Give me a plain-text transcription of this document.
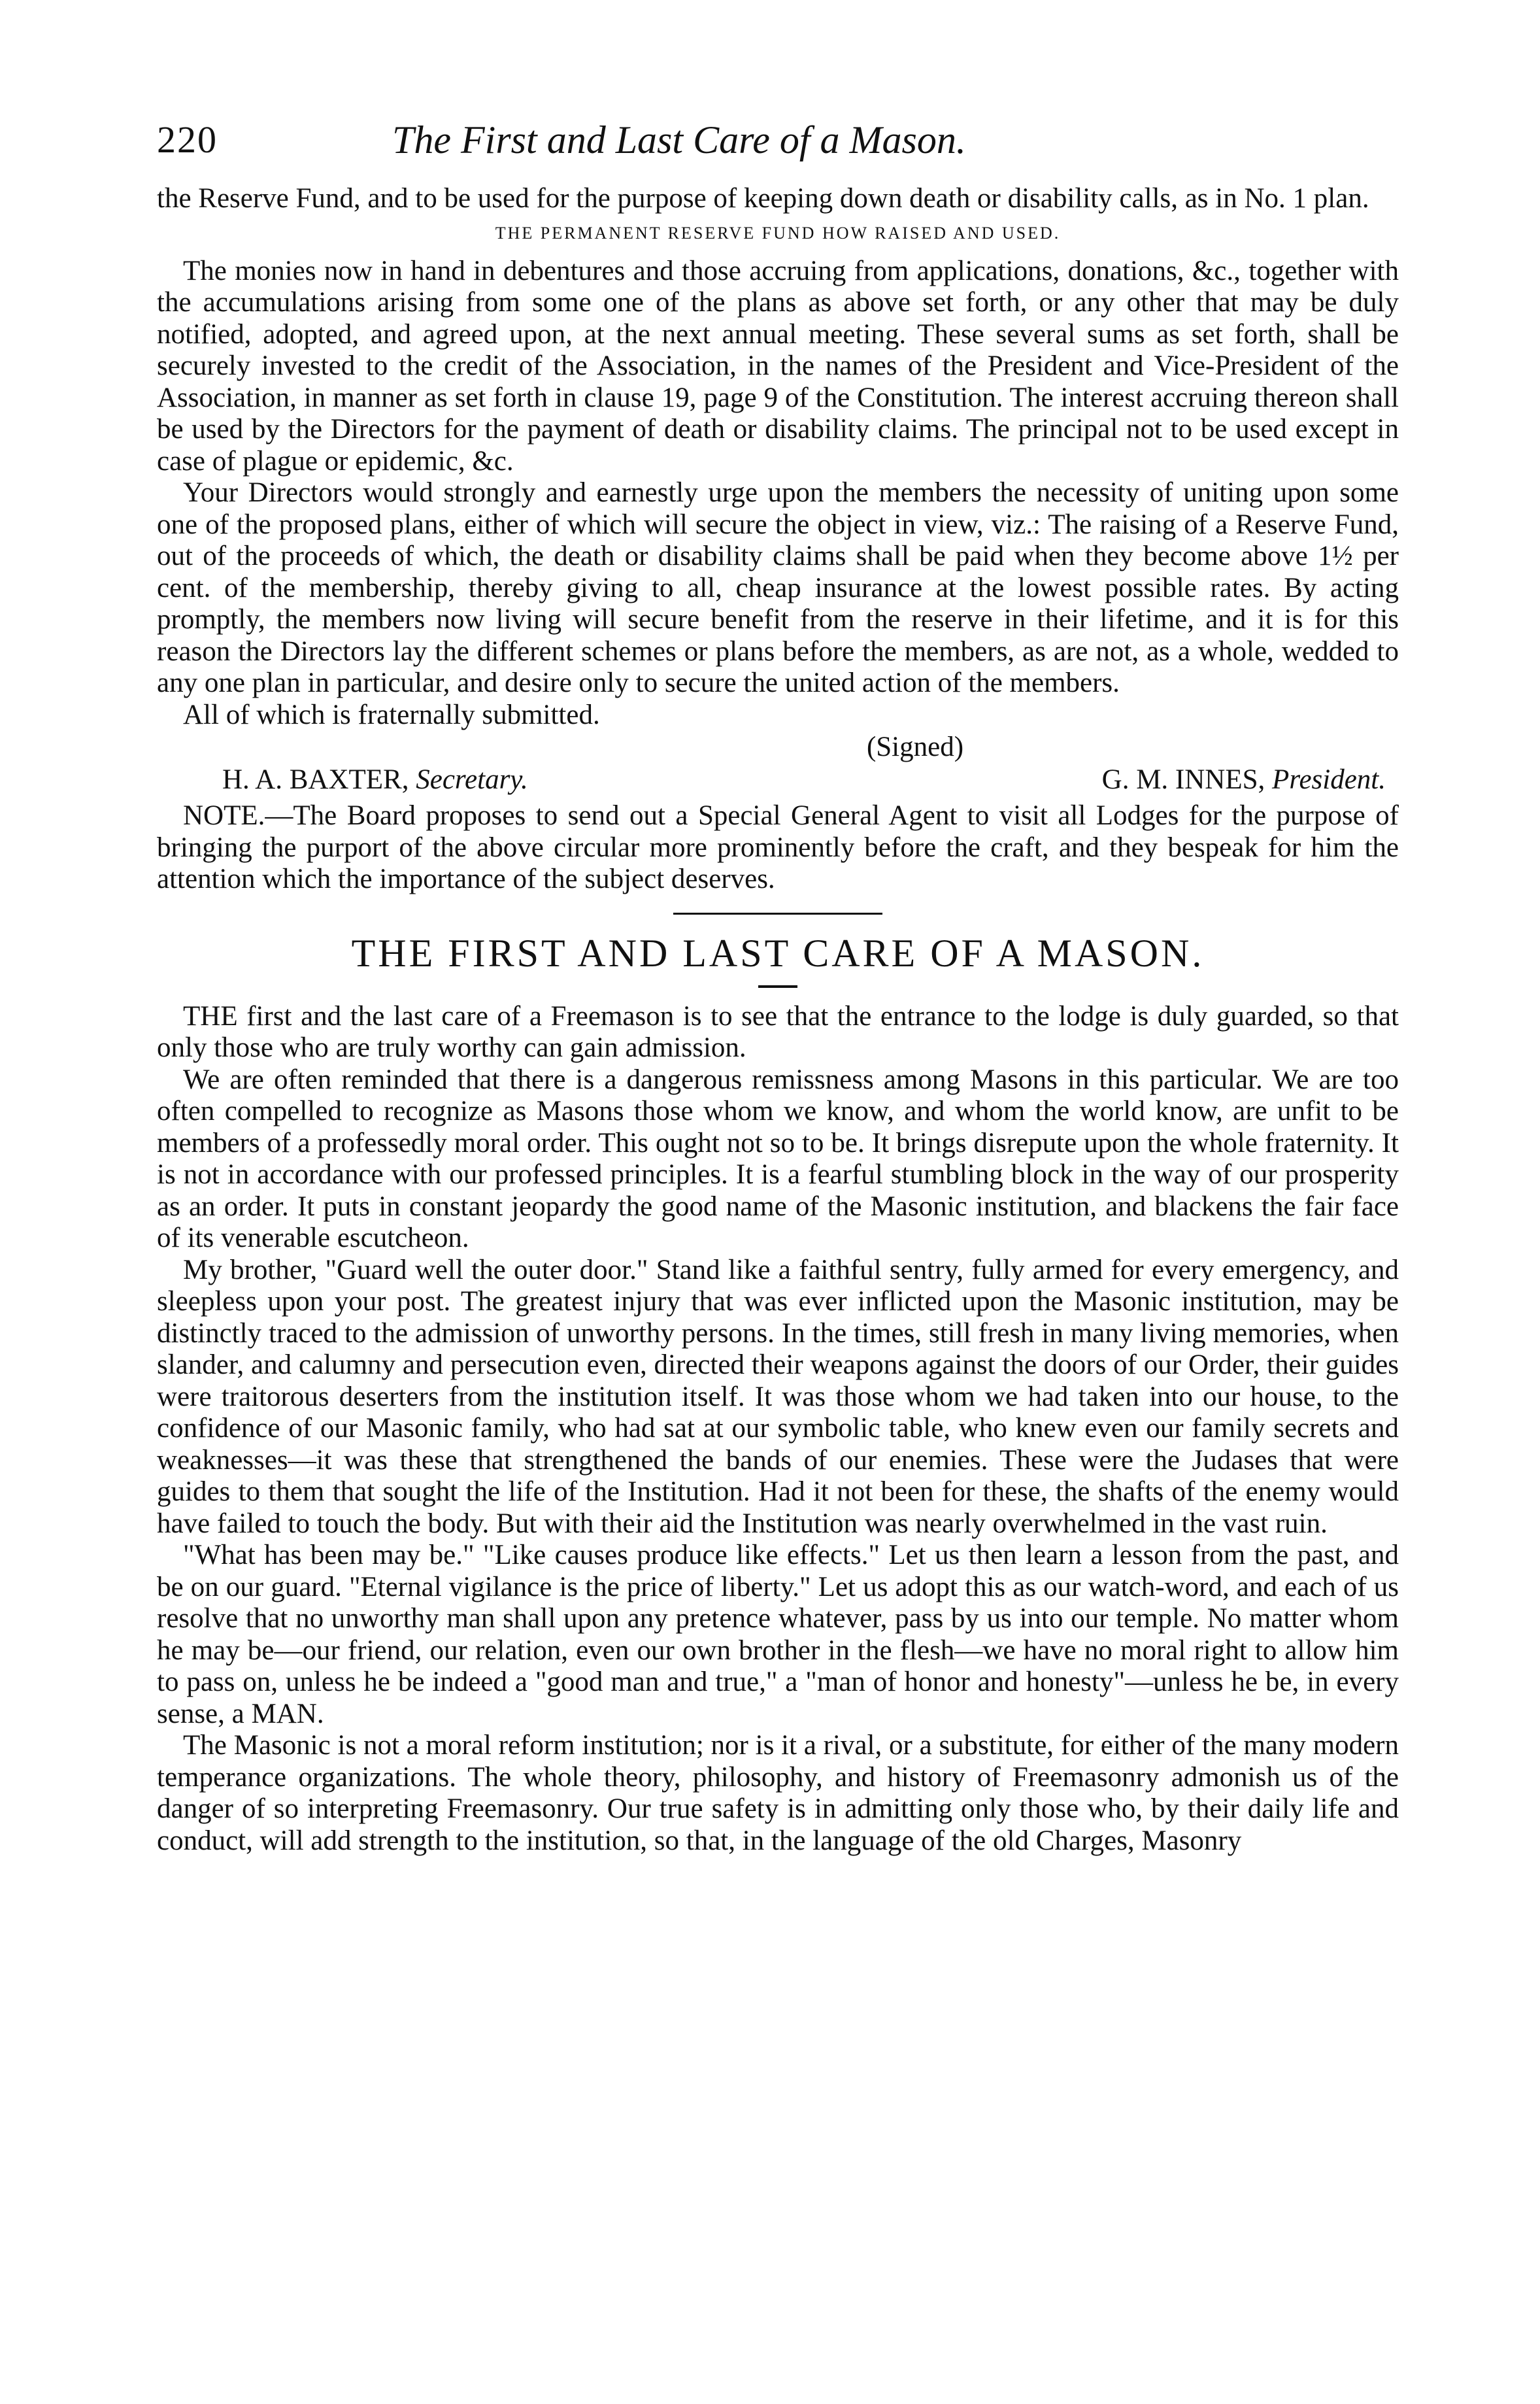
220	The First and Last Care of a Mason.

the Reserve Fund, and to be used for the purpose of keeping down death or disability calls, as in No. 1 plan.

THE PERMANENT RESERVE FUND HOW RAISED AND USED.

The monies now in hand in debentures and those accruing from applications, donations, &c., together with the accumulations arising from some one of the plans as above set forth, or any other that may be duly notified, adopted, and agreed upon, at the next annual meeting. These several sums as set forth, shall be securely invested to the credit of the Association, in the names of the President and Vice-President of the Association, in manner as set forth in clause 19, page 9 of the Constitution. The interest accruing thereon shall be used by the Directors for the payment of death or disability claims. The principal not to be used except in case of plague or epidemic, &c.

Your Directors would strongly and earnestly urge upon the members the necessity of uniting upon some one of the proposed plans, either of which will secure the object in view, viz.: The raising of a Reserve Fund, out of the proceeds of which, the death or disability claims shall be paid when they become above 1½ per cent. of the membership, thereby giving to all, cheap insurance at the lowest possible rates. By acting promptly, the members now living will secure benefit from the reserve in their lifetime, and it is for this reason the Directors lay the different schemes or plans before the members, as are not, as a whole, wedded to any one plan in particular, and desire only to secure the united action of the members.

All of which is fraternally submitted.

(Signed)
H. A. BAXTER, Secretary.	G. M. INNES, President.

NOTE.—The Board proposes to send out a Special General Agent to visit all Lodges for the purpose of bringing the purport of the above circular more prominently before the craft, and they bespeak for him the attention which the importance of the subject deserves.

THE FIRST AND LAST CARE OF A MASON.

THE first and the last care of a Freemason is to see that the entrance to the lodge is duly guarded, so that only those who are truly worthy can gain admission.

We are often reminded that there is a dangerous remissness among Masons in this particular. We are too often compelled to recognize as Masons those whom we know, and whom the world know, are unfit to be members of a professedly moral order. This ought not so to be. It brings disrepute upon the whole fraternity. It is not in accordance with our professed principles. It is a fearful stumbling block in the way of our prosperity as an order. It puts in constant jeopardy the good name of the Masonic institution, and blackens the fair face of its venerable escutcheon.

My brother, "Guard well the outer door." Stand like a faithful sentry, fully armed for every emergency, and sleepless upon your post. The greatest injury that was ever inflicted upon the Masonic institution, may be distinctly traced to the admission of unworthy persons. In the times, still fresh in many living memories, when slander, and calumny and persecution even, directed their weapons against the doors of our Order, their guides were traitorous deserters from the institution itself. It was those whom we had taken into our house, to the confidence of our Masonic family, who had sat at our symbolic table, who knew even our family secrets and weaknesses—it was these that strengthened the bands of our enemies. These were the Judases that were guides to them that sought the life of the Institution. Had it not been for these, the shafts of the enemy would have failed to touch the body. But with their aid the Institution was nearly overwhelmed in the vast ruin.

"What has been may be." "Like causes produce like effects." Let us then learn a lesson from the past, and be on our guard. "Eternal vigilance is the price of liberty." Let us adopt this as our watch-word, and each of us resolve that no unworthy man shall upon any pretence whatever, pass by us into our temple. No matter whom he may be—our friend, our relation, even our own brother in the flesh—we have no moral right to allow him to pass on, unless he be indeed a "good man and true," a "man of honor and honesty"—unless he be, in every sense, a MAN.

The Masonic is not a moral reform institution; nor is it a rival, or a substitute, for either of the many modern temperance organizations. The whole theory, philosophy, and history of Freemasonry admonish us of the danger of so interpreting Freemasonry. Our true safety is in admitting only those who, by their daily life and conduct, will add strength to the institution, so that, in the language of the old Charges, Masonry
